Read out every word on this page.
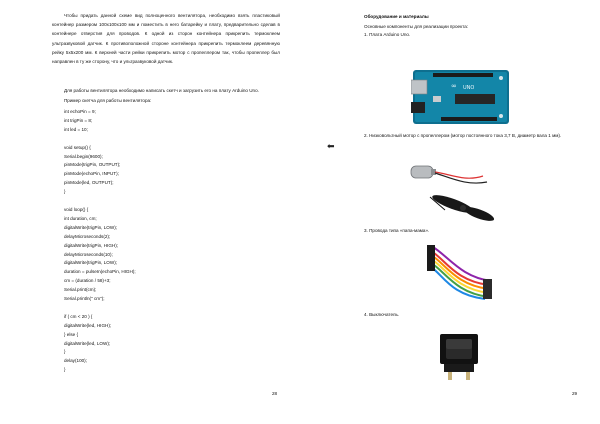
Чтобы придать данной схеме вид полноценного вентилятора, необходимо взять пластиковый контейнер размером 100x100x100 мм и поместить в него батарейку и плату, предварительно сделав в контейнере отверстия для проводов. К одной из сторон контейнера прикрепить термоклеем ультразвуковой датчик. К противоположной стороне контейнера прикрепить термоклеем деревянную рейку 5х5х200 мм. К верхней части рейки прикрепить мотор с пропеллером так, чтобы пропеллер был направлен в ту же сторону, что и ультразвуковой датчик.
Для работы вентилятора необходимо написать скетч и загрузить его на плату Arduino Uno.
Пример скетча для работы вентилятора:
int echoPin = 9;
int trigPin = 8;
int led = 10;

void setup() {
Serial.begin(9600);
pinMode(trigPin, OUTPUT);
pinMode(echoPin, INPUT);
pinMode(led, OUTPUT);
}

void loop() {
int duration, cm;
digitalWrite(trigPin, LOW);
delayMicroseconds(2);
digitalWrite(trigPin, HIGH);
delayMicroseconds(10);
digitalWrite(trigPin, LOW);
duration = pulseIn(echoPin, HIGH);
cm = (duration / 58)+3;
Serial.print(cm);
Serial.println(" cm");

if ( cm < 20 ) {
digitalWrite(led, HIGH);
} else {
digitalWrite(led, LOW);
}
delay(100);
}
28
⬅
Оборудование и материалы
Основные компоненты для реализации проекта:
1. Плата Arduino Uno.
∞ UNO
2. Низковольтный мотор с пропеллером (мотор постоянного тока 3,7 В, диаметр вала 1 мм).
3. Провода типа «папа-мама».
4. Выключатель.
29
